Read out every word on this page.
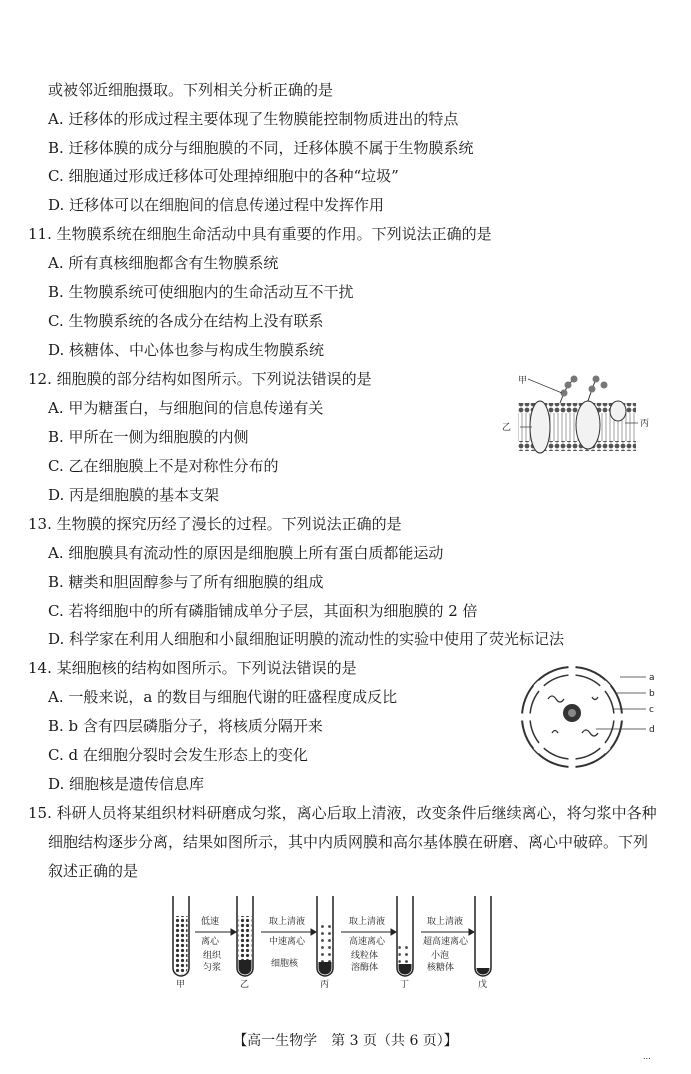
或被邻近细胞摄取。下列相关分析正确的是
A. 迁移体的形成过程主要体现了生物膜能控制物质进出的特点
B. 迁移体膜的成分与细胞膜的不同，迁移体膜不属于生物膜系统
C. 细胞通过形成迁移体可处理掉细胞中的各种“垃圾”
D. 迁移体可以在细胞间的信息传递过程中发挥作用
11. 生物膜系统在细胞生命活动中具有重要的作用。下列说法正确的是
A. 所有真核细胞都含有生物膜系统
B. 生物膜系统可使细胞内的生命活动互不干扰
C. 生物膜系统的各成分在结构上没有联系
D. 核糖体、中心体也参与构成生物膜系统
12. 细胞膜的部分结构如图所示。下列说法错误的是
A. 甲为糖蛋白，与细胞间的信息传递有关
B. 甲所在一侧为细胞膜的内侧
C. 乙在细胞膜上不是对称性分布的
D. 丙是细胞膜的基本支架
13. 生物膜的探究历经了漫长的过程。下列说法正确的是
A. 细胞膜具有流动性的原因是细胞膜上所有蛋白质都能运动
B. 糖类和胆固醇参与了所有细胞膜的组成
C. 若将细胞中的所有磷脂铺成单分子层，其面积为细胞膜的 2 倍
D. 科学家在利用人细胞和小鼠细胞证明膜的流动性的实验中使用了荧光标记法
14. 某细胞核的结构如图所示。下列说法错误的是
A. 一般来说，a 的数目与细胞代谢的旺盛程度成反比
B. b 含有四层磷脂分子，将核质分隔开来
C. d 在细胞分裂时会发生形态上的变化
D. 细胞核是遗传信息库
15. 科研人员将某组织材料研磨成匀浆，离心后取上清液，改变条件后继续离心，将匀浆中各种
细胞结构逐步分离，结果如图所示，其中内质网膜和高尔基体膜在研磨、离心中破碎。下列
叙述正确的是
甲
乙	丙
a
b
c
d
低速
离心
组织
匀浆
取上清液
中速离心
细胞核
取上清液
高速离心
线粒体
溶酶体
取上清液
超高速离心
小泡
核糖体
甲	乙	丙	丁	戊
【高一生物学　第 3 页（共 6 页）】
...
